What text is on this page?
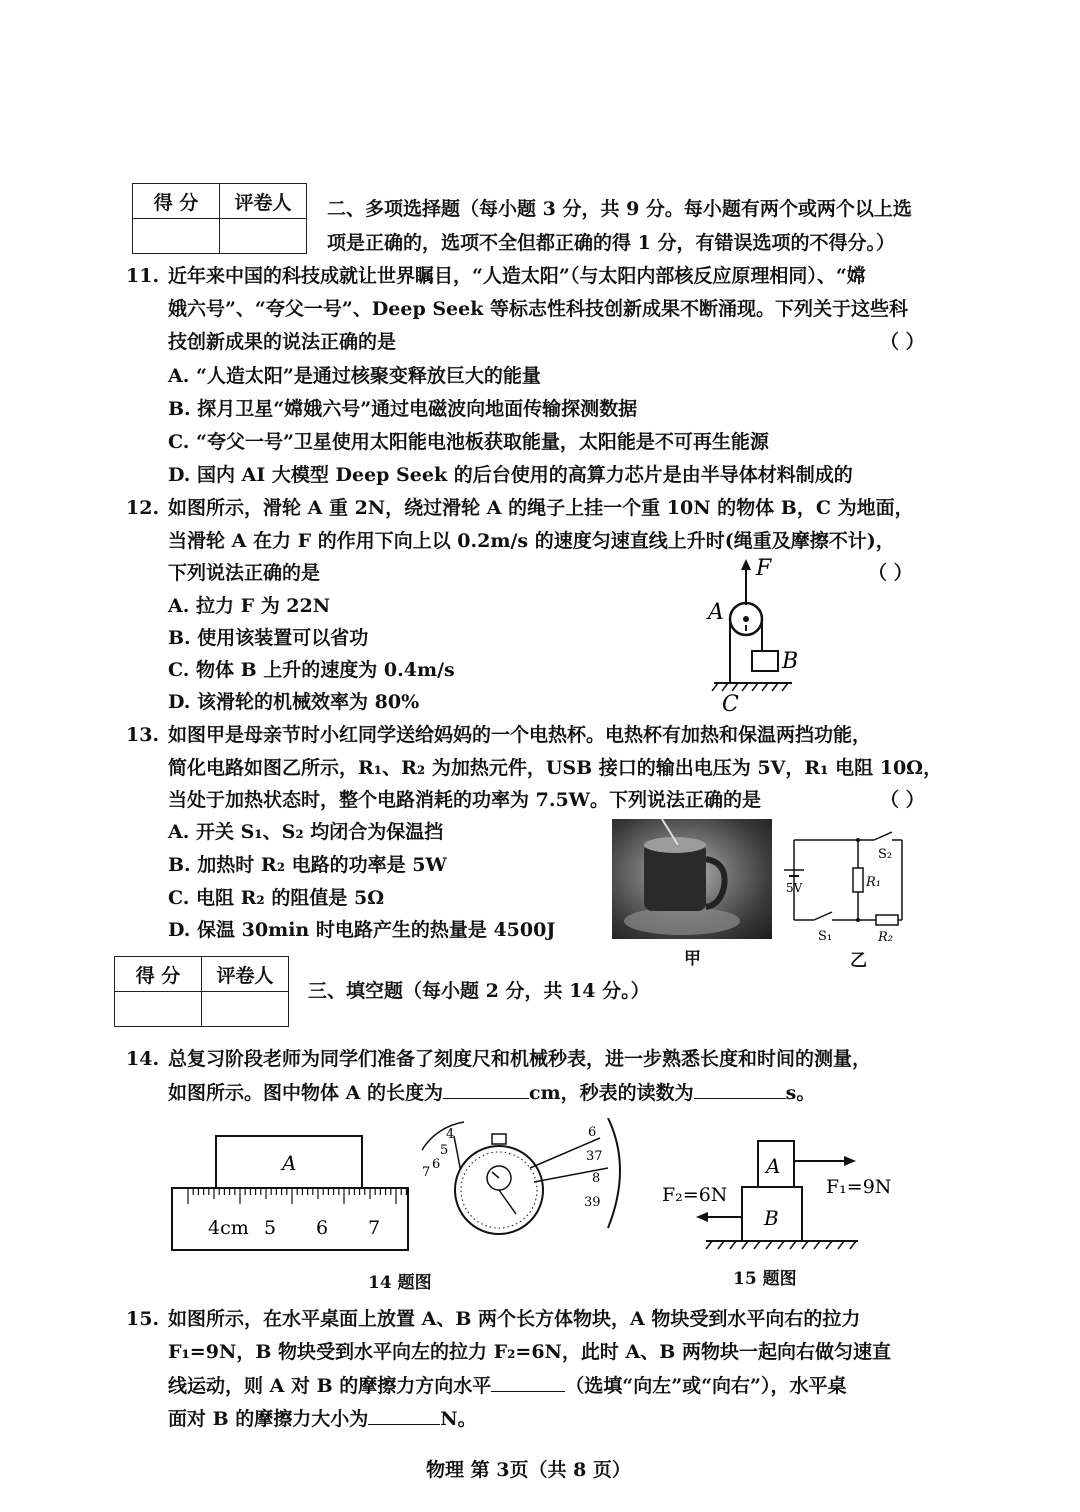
得 分	评卷人
	二、多项选择题（每小题 3 分，共 9 分。每小题有两个或两个以上选
项是正确的，选项不全但都正确的得 1 分，有错误选项的不得分。）
11. 近年来中国的科技成就让世界瞩目，“人造太阳”（与太阳内部核反应原理相同）、“嫦
娥六号”、“夸父一号”、Deep Seek 等标志性科技创新成果不断涌现。下列关于这些科
技创新成果的说法正确的是	（ ）
A. “人造太阳”是通过核聚变释放巨大的能量
B. 探月卫星“嫦娥六号”通过电磁波向地面传输探测数据
C. “夸父一号”卫星使用太阳能电池板获取能量，太阳能是不可再生能源
D. 国内 AI 大模型 Deep Seek 的后台使用的高算力芯片是由半导体材料制成的
12. 如图所示，滑轮 A 重 2N，绕过滑轮 A 的绳子上挂一个重 10N 的物体 B，C 为地面，
当滑轮 A 在力 F 的作用下向上以 0.2m/s 的速度匀速直线上升时(绳重及摩擦不计)，
下列说法正确的是	（ ）
A. 拉力 F 为 22N
B. 使用该装置可以省功
C. 物体 B 上升的速度为 0.4m/s
D. 该滑轮的机械效率为 80%
F
A
B
C
13. 如图甲是母亲节时小红同学送给妈妈的一个电热杯。电热杯有加热和保温两挡功能，
简化电路如图乙所示，R₁、R₂ 为加热元件，USB 接口的输出电压为 5V，R₁ 电阻 10Ω，
当处于加热状态时，整个电路消耗的功率为 7.5W。下列说法正确的是	（ ）
A. 开关 S₁、S₂ 均闭合为保温挡
B. 加热时 R₂ 电路的功率是 5W
C. 电阻 R₂ 的阻值是 5Ω
D. 保温 30min 时电路产生的热量是 4500J
甲
S₂
5V	R₁
S₁	R₂
乙
得 分	评卷人

三、填空题（每小题 2 分，共 14 分。）
14. 总复习阶段老师为同学们准备了刻度尺和机械秒表，进一步熟悉长度和时间的测量，
如图所示。图中物体 A 的长度为	cm，秒表的读数为	s。
A
4cm 5 6 7
4
5
6
7
6
37
8
39
14 题图
A
B
F₁=9N
F₂=6N
15 题图
15. 如图所示，在水平桌面上放置 A、B 两个长方体物块，A 物块受到水平向右的拉力
F₁=9N，B 物块受到水平向左的拉力 F₂=6N，此时 A、B 两物块一起向右做匀速直
线运动，则 A 对 B 的摩擦力方向水平	（选填“向左”或“向右”），水平桌
面对 B 的摩擦力大小为	N。
物理 第 3页（共 8 页）
